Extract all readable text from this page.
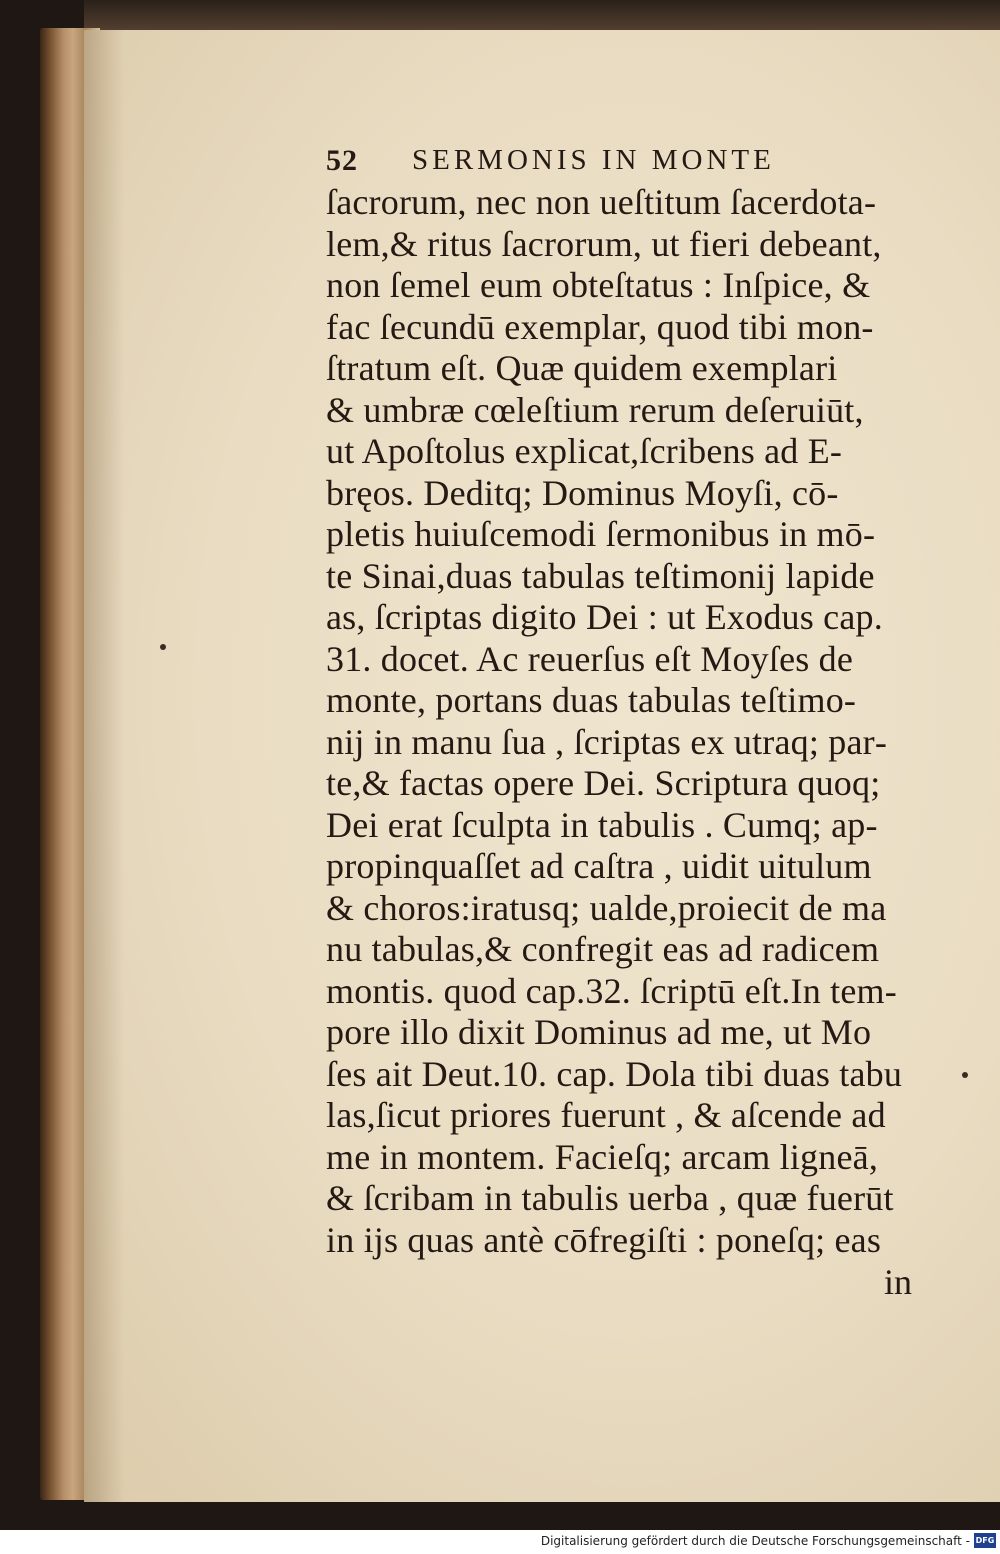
52 SERMONIS IN MONTE
ſacrorum, nec non ueſtitum ſacerdota‑
lem,& ritus ſacrorum, ut fieri debeant,
non ſemel eum obteſtatus : Inſpice, &
fac ſecundū exemplar, quod tibi mon‑
ſtratum eſt. Quæ quidem exemplari
& umbræ cœleſtium rerum deſeruiūt,
ut Apoſtolus explicat,ſcribens ad E‑
bręos. Deditq; Dominus Moyſi, cō‑
pletis huiuſcemodi ſermonibus in mō‑
te Sinai,duas tabulas teſtimonij lapide
as, ſcriptas digito Dei : ut Exodus cap.
31. docet. Ac reuerſus eſt Moyſes de
monte, portans duas tabulas teſtimo‑
nij in manu ſua , ſcriptas ex utraq; par‑
te,& factas opere Dei. Scriptura quoq;
Dei erat ſculpta in tabulis . Cumq; ap‑
propinquaſſet ad caſtra , uidit uitulum
& choros:iratusq; ualde,proiecit de ma
nu tabulas,& confregit eas ad radicem
montis. quod cap.32. ſcriptū eſt.In tem‑
pore illo dixit Dominus ad me, ut Mo
ſes ait Deut.10. cap. Dola tibi duas tabu
las,ſicut priores fuerunt , & aſcende ad
me in montem. Facieſq; arcam ligneā,
& ſcribam in tabulis uerba , quæ fuerūt
in ijs quas antè cōfregiſti : poneſq; eas
in
Digitalisierung gefördert durch die Deutsche Forschungsgemeinschaft - DFG
